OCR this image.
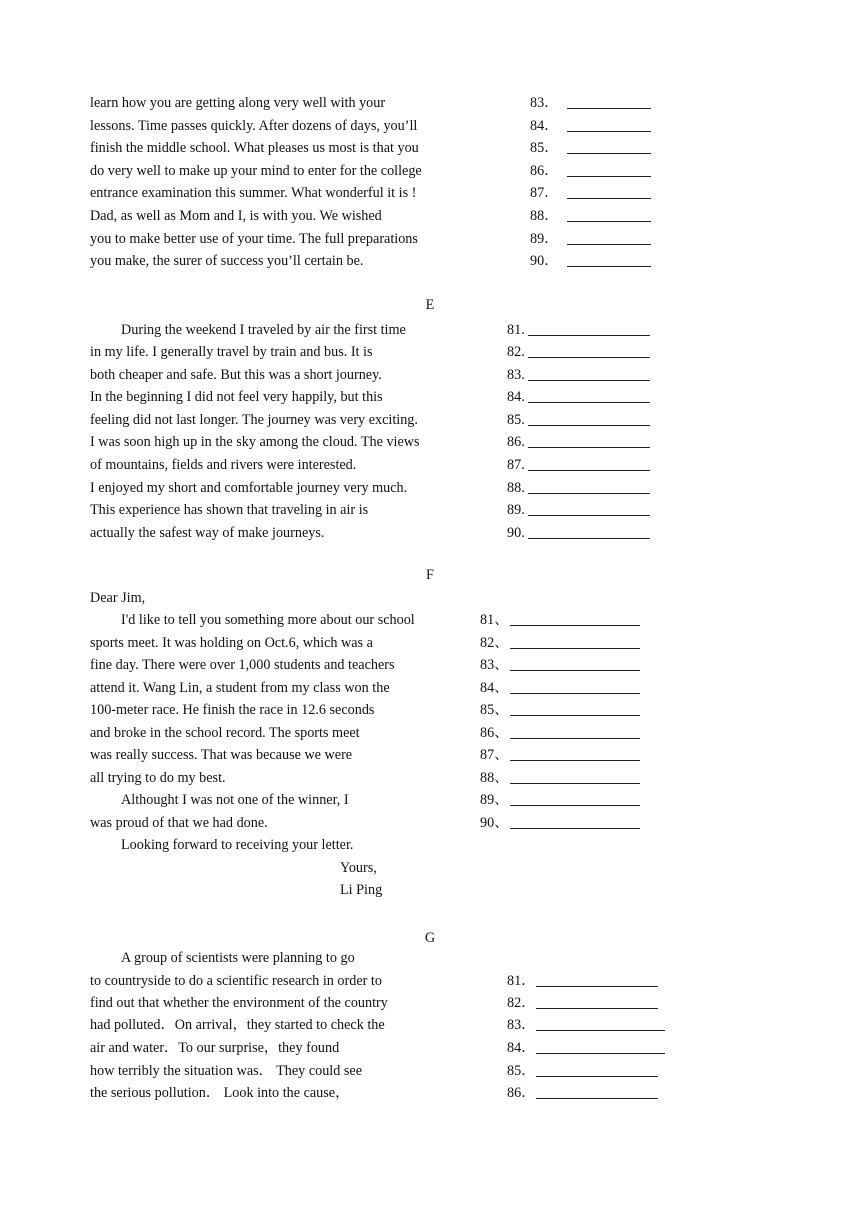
learn how you are getting along very well with your
lessons. Time passes quickly. After dozens of days, you’ll
finish the middle school. What pleases us most is that you
do very well to make up your mind to enter for the college
entrance examination this summer. What wonderful it is !
Dad, as well as Mom and I, is with you. We wished
you to make better use of your time. The full preparations
you make, the surer of success you’ll certain be.
83．
84．
85．
86．
87．
88．
89．
90．
E
During the weekend I traveled by air the first time
in my life. I generally travel by train and bus. It is
both cheaper and safe. But this was a short journey.
In the beginning I did not feel very happily, but this
feeling did not last longer. The journey was very exciting.
I was soon high up in the sky among the cloud. The views
of mountains, fields and rivers were interested.
I enjoyed my short and comfortable journey very much.
This experience has shown that traveling in air is
actually the safest way of make journeys.
81.
82.
83.
84.
85.
86.
87.
88.
89.
90.
F
Dear Jim,
I'd like to tell you something more about our school
sports meet. It was holding on Oct.6, which was a
fine day. There were over 1,000 students and teachers
attend it. Wang Lin, a student from my class won the
100-meter race. He finish the race in 12.6 seconds
and broke in the school record. The sports meet
was really success. That was because we were
all trying to do my best.
Althought I was not one of the winner, I
was proud of that we had done.
Looking forward to receiving your letter.
Yours,
Li Ping
81、
82、
83、
84、
85、
86、
87、
88、
89、
90、
G
A group of scientists were planning to go
to countryside to do a scientific research in order to
find out that whether the environment of the country
had polluted．On arrival，they started to check the
air and water．To our surprise，they found
how terribly the situation was． They could see
the serious pollution． Look into the cause，
81．
82．
83．
84．
85．
86．
